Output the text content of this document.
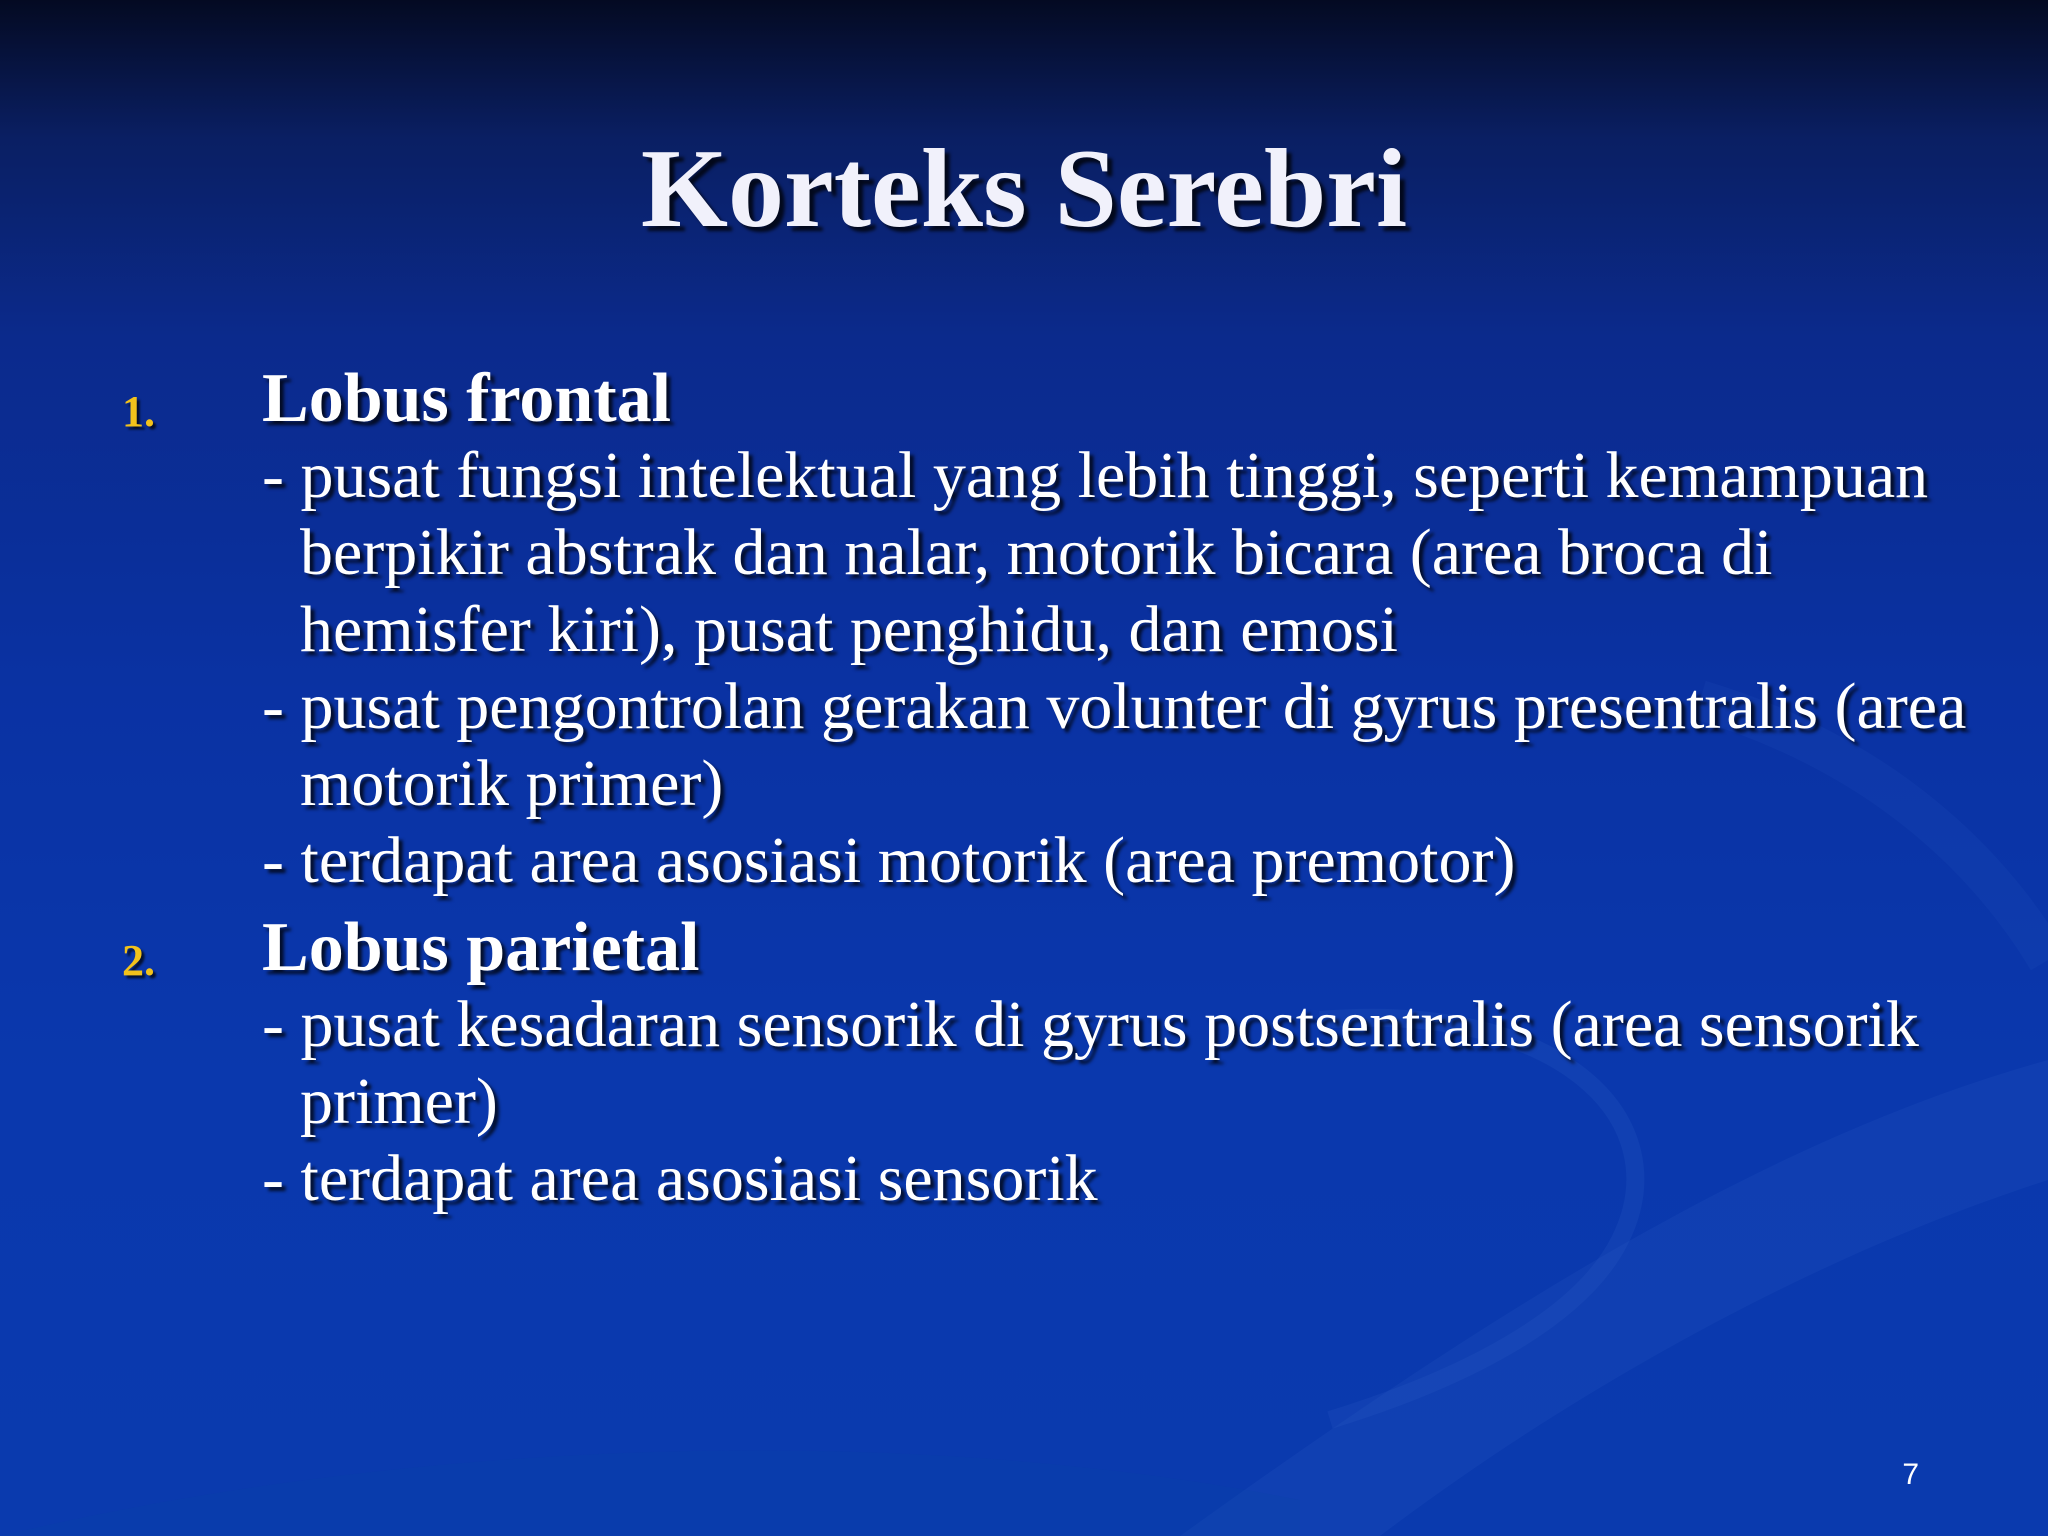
Korteks Serebri
1. Lobus frontal
- pusat fungsi intelektual yang lebih tinggi, seperti kemampuan berpikir abstrak dan nalar, motorik bicara (area broca di hemisfer kiri), pusat penghidu, dan emosi
- pusat pengontrolan gerakan volunter di gyrus presentralis (area motorik primer)
- terdapat area asosiasi motorik (area premotor)
2. Lobus parietal
- pusat kesadaran sensorik di gyrus postsentralis (area sensorik primer)
- terdapat area asosiasi sensorik
7
